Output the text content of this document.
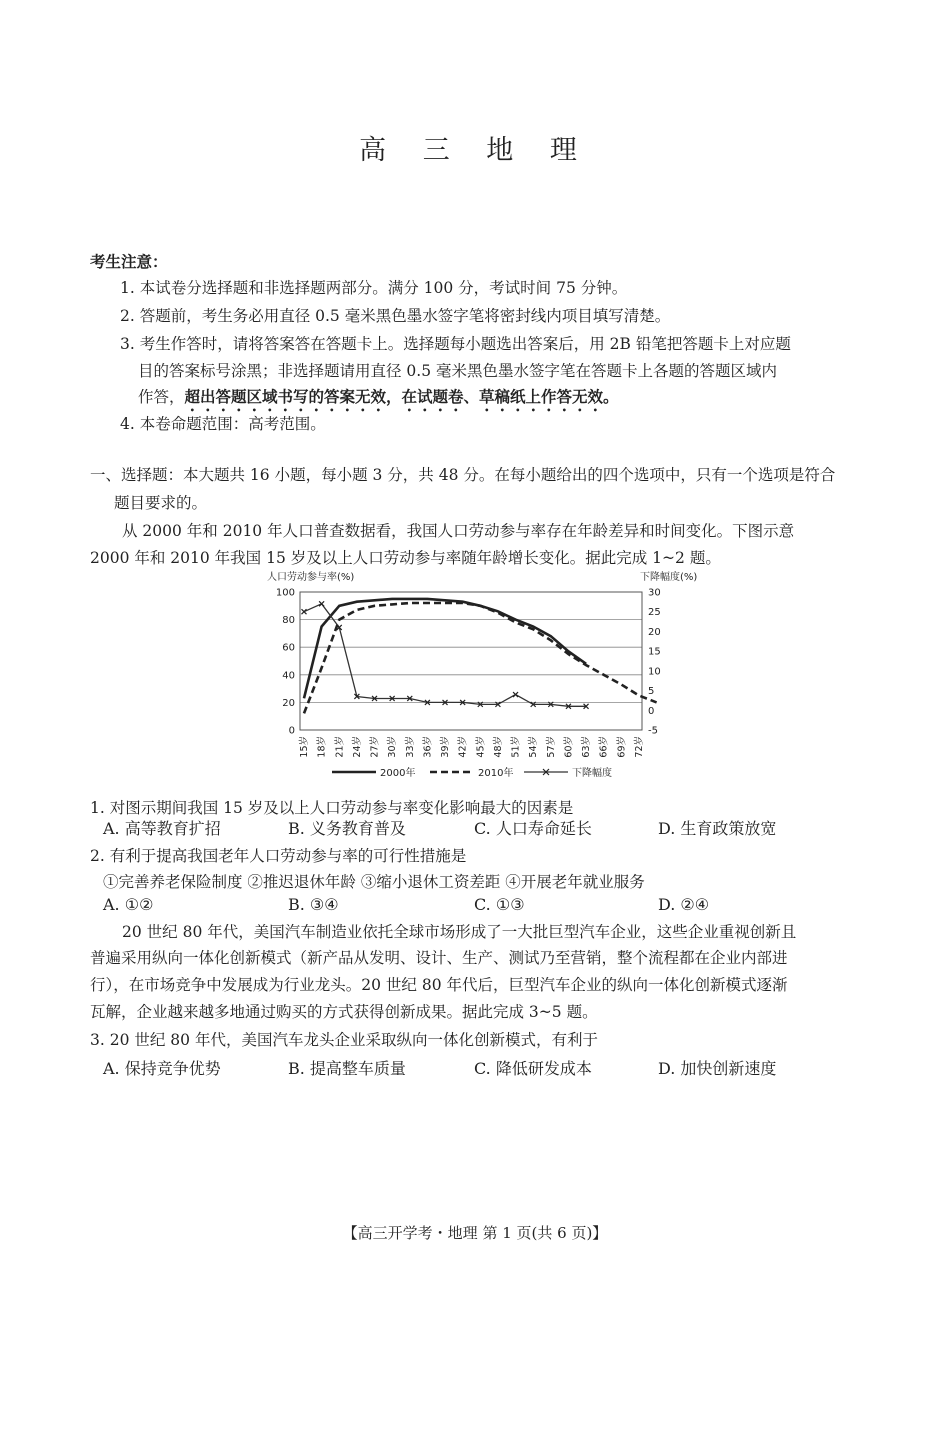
高 三 地 理
考生注意：
1. 本试卷分选择题和非选择题两部分。满分 100 分，考试时间 75 分钟。
2. 答题前，考生务必用直径 0.5 毫米黑色墨水签字笔将密封线内项目填写清楚。
3. 考生作答时，请将答案答在答题卡上。选择题每小题选出答案后，用 2B 铅笔把答题卡上对应题
目的答案标号涂黑；非选择题请用直径 0.5 毫米黑色墨水签字笔在答题卡上各题的答题区域内
作答，超出答题区域书写的答案无效，在试题卷、草稿纸上作答无效。
4. 本卷命题范围：高考范围。
一、选择题：本大题共 16 小题，每小题 3 分，共 48 分。在每小题给出的四个选项中，只有一个选项是符合
题目要求的。
从 2000 年和 2010 年人口普查数据看，我国人口劳动参与率存在年龄差异和时间变化。下图示意
2000 年和 2010 年我国 15 岁及以上人口劳动参与率随年龄增长变化。据此完成 1~2 题。
人口劳动参与率(%)	下降幅度(%)
100
80
60
40
20
0
30
25
20
15
10
5
0
-5
15岁 18岁 21岁 24岁 27岁 30岁 33岁 36岁 39岁 42岁 45岁 48岁 51岁 54岁 57岁 60岁 63岁 66岁 69岁 72岁
2000年	2010年	下降幅度
1. 对图示期间我国 15 岁及以上人口劳动参与率变化影响最大的因素是
A. 高等教育扩招	B. 义务教育普及	C. 人口寿命延长	D. 生育政策放宽
2. 有利于提高我国老年人口劳动参与率的可行性措施是
①完善养老保险制度 ②推迟退休年龄 ③缩小退休工资差距 ④开展老年就业服务
A. ①②	B. ③④	C. ①③	D. ②④
20 世纪 80 年代，美国汽车制造业依托全球市场形成了一大批巨型汽车企业，这些企业重视创新且
普遍采用纵向一体化创新模式（新产品从发明、设计、生产、测试乃至营销，整个流程都在企业内部进
行），在市场竞争中发展成为行业龙头。20 世纪 80 年代后，巨型汽车企业的纵向一体化创新模式逐渐
瓦解，企业越来越多地通过购买的方式获得创新成果。据此完成 3~5 题。
3. 20 世纪 80 年代，美国汽车龙头企业采取纵向一体化创新模式，有利于
A. 保持竞争优势	B. 提高整车质量	C. 降低研发成本	D. 加快创新速度
【高三开学考・地理 第 1 页(共 6 页)】
